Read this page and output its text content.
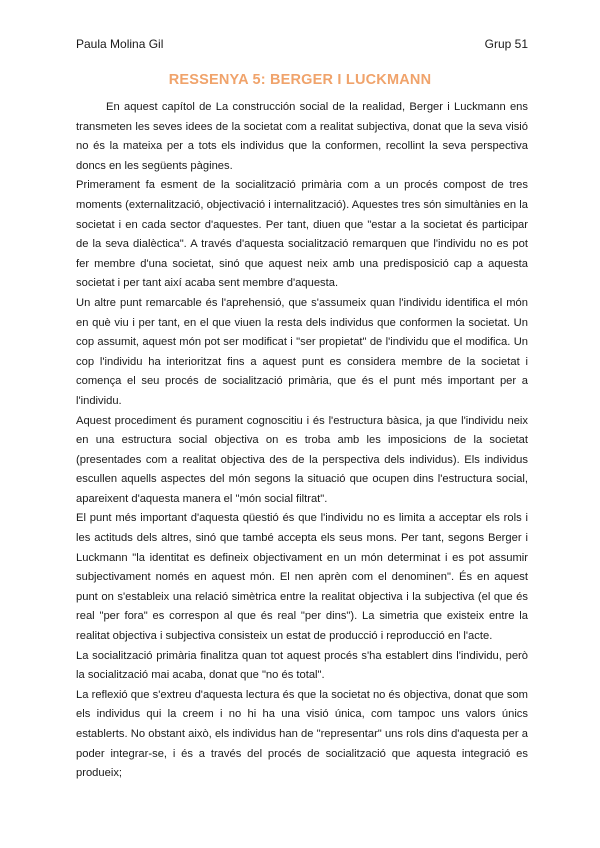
Paula Molina Gil	Grup 51
RESSENYA 5: BERGER I LUCKMANN

En aquest capítol de La construcción social de la realidad, Berger i Luckmann ens transmeten les seves idees de la societat com a realitat subjectiva, donat que la seva visió no és la mateixa per a tots els individus que la conformen, recollint la seva perspectiva doncs en les següents pàgines.

Primerament fa esment de la socialització primària com a un procés compost de tres moments (externalització, objectivació i internalització). Aquestes tres són simultànies en la societat i en cada sector d'aquestes. Per tant, diuen que "estar a la societat és participar de la seva dialèctica". A través d'aquesta socialització remarquen que l'individu no es pot fer membre d'una societat, sinó que aquest neix amb una predisposició cap a aquesta societat i per tant així acaba sent membre d'aquesta.

Un altre punt remarcable és l'aprehensió, que s'assumeix quan l'individu identifica el món en què viu i per tant, en el que viuen la resta dels individus que conformen la societat. Un cop assumit, aquest món pot ser modificat i "ser propietat" de l'individu que el modifica. Un cop l'individu ha interioritzat fins a aquest punt es considera membre de la societat i comença el seu procés de socialització primària, que és el punt més important per a l'individu.

Aquest procediment és purament cognoscitiu i és l'estructura bàsica, ja que l'individu neix en una estructura social objectiva on es troba amb les imposicions de la societat (presentades com a realitat objectiva des de la perspectiva dels individus). Els individus escullen aquells aspectes del món segons la situació que ocupen dins l'estructura social, apareixent d'aquesta manera el "món social filtrat".

El punt més important d'aquesta qüestió és que l'individu no es limita a acceptar els rols i les actituds dels altres, sinó que també accepta els seus mons. Per tant, segons Berger i Luckmann "la identitat es defineix objectivament en un món determinat i es pot assumir subjectivament només en aquest món. El nen aprèn com el denominen". És en aquest punt on s'estableix una relació simètrica entre la realitat objectiva i la subjectiva (el que és real "per fora" es correspon al que és real "per dins"). La simetria que existeix entre la realitat objectiva i subjectiva consisteix un estat de producció i reproducció en l'acte.

La socialització primària finalitza quan tot aquest procés s'ha establert dins l'individu, però la socialització mai acaba, donat que "no és total".

La reflexió que s'extreu d'aquesta lectura és que la societat no és objectiva, donat que som els individus qui la creem i no hi ha una visió única, com tampoc uns valors únics establerts. No obstant això, els individus han de "representar" uns rols dins d'aquesta per a poder integrar-se, i és a través del procés de socialització que aquesta integració es produeix;
